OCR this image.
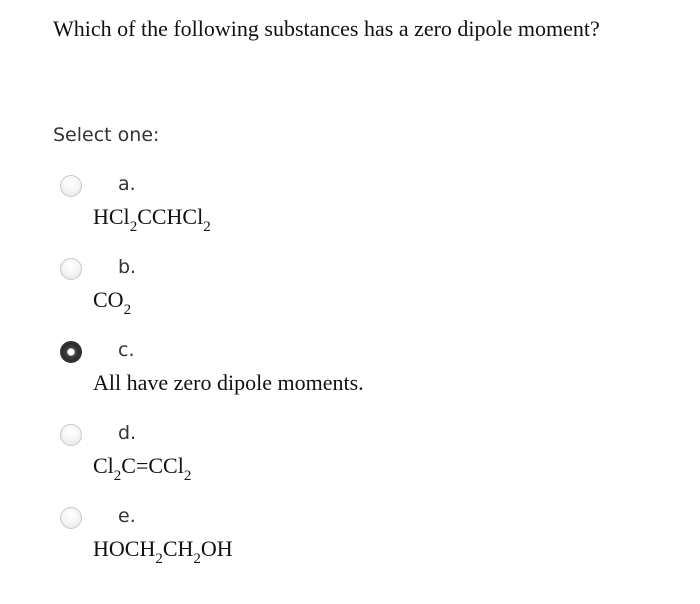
Which of the following substances has a zero dipole moment?
Select one:
a.
HCl$_2$CCHCl$_2$
b.
$CO_2$
c.
All have zero dipole moments.
d.
$Cl_2C=CCl_2$
e.
$HOCH_2CH_2OH$
